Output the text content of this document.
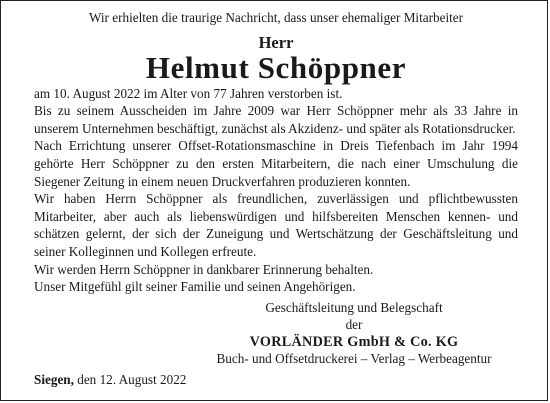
Wir erhielten die traurige Nachricht, dass unser ehemaliger Mitarbeiter

Herr
Helmut Schöppner

am 10. August 2022 im Alter von 77 Jahren verstorben ist.

Bis zu seinem Ausscheiden im Jahre 2009 war Herr Schöppner mehr als 33 Jahre in unserem Unternehmen beschäftigt, zunächst als Akzidenz- und später als Rotationsdrucker.

Nach Errichtung unserer Offset-Rotationsmaschine in Dreis Tiefenbach im Jahr 1994 gehörte Herr Schöppner zu den ersten Mitarbeitern, die nach einer Umschulung die Siegener Zeitung in einem neuen Druckverfahren produzieren konnten.

Wir haben Herrn Schöppner als freundlichen, zuverlässigen und pflichtbewussten Mitarbeiter, aber auch als liebenswürdigen und hilfsbereiten Menschen kennen- und schätzen gelernt, der sich der Zuneigung und Wertschätzung der Geschäftsleitung und seiner Kolleginnen und Kollegen erfreute.

Wir werden Herrn Schöppner in dankbarer Erinnerung behalten.

Unser Mitgefühl gilt seiner Familie und seinen Angehörigen.

Geschäftsleitung und Belegschaft
der
VORLÄNDER GmbH & Co. KG
Buch- und Offsetdruckerei – Verlag – Werbeagentur
Siegen, den 12. August 2022
